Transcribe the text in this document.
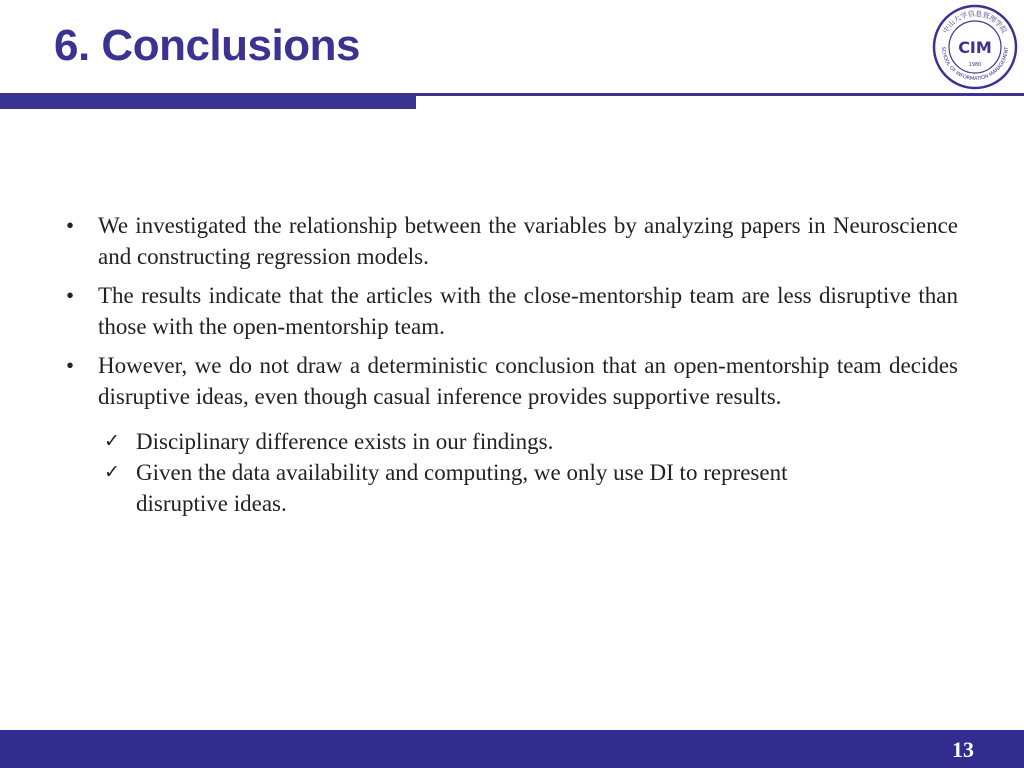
6. Conclusions	中山大学信息管理学院
SCHOOL OF INFORMATION MANAGEMENT
CIM
1980
• We investigated the relationship between the variables by analyzing papers in Neuroscience and constructing regression models.
• The results indicate that the articles with the close-mentorship team are less disruptive than those with the open-mentorship team.
• However, we do not draw a deterministic conclusion that an open-mentorship team decides disruptive ideas, even though casual inference provides supportive results.
✓ Disciplinary difference exists in our findings.
✓ Given the data availability and computing, we only use DI to represent disruptive ideas.
13
